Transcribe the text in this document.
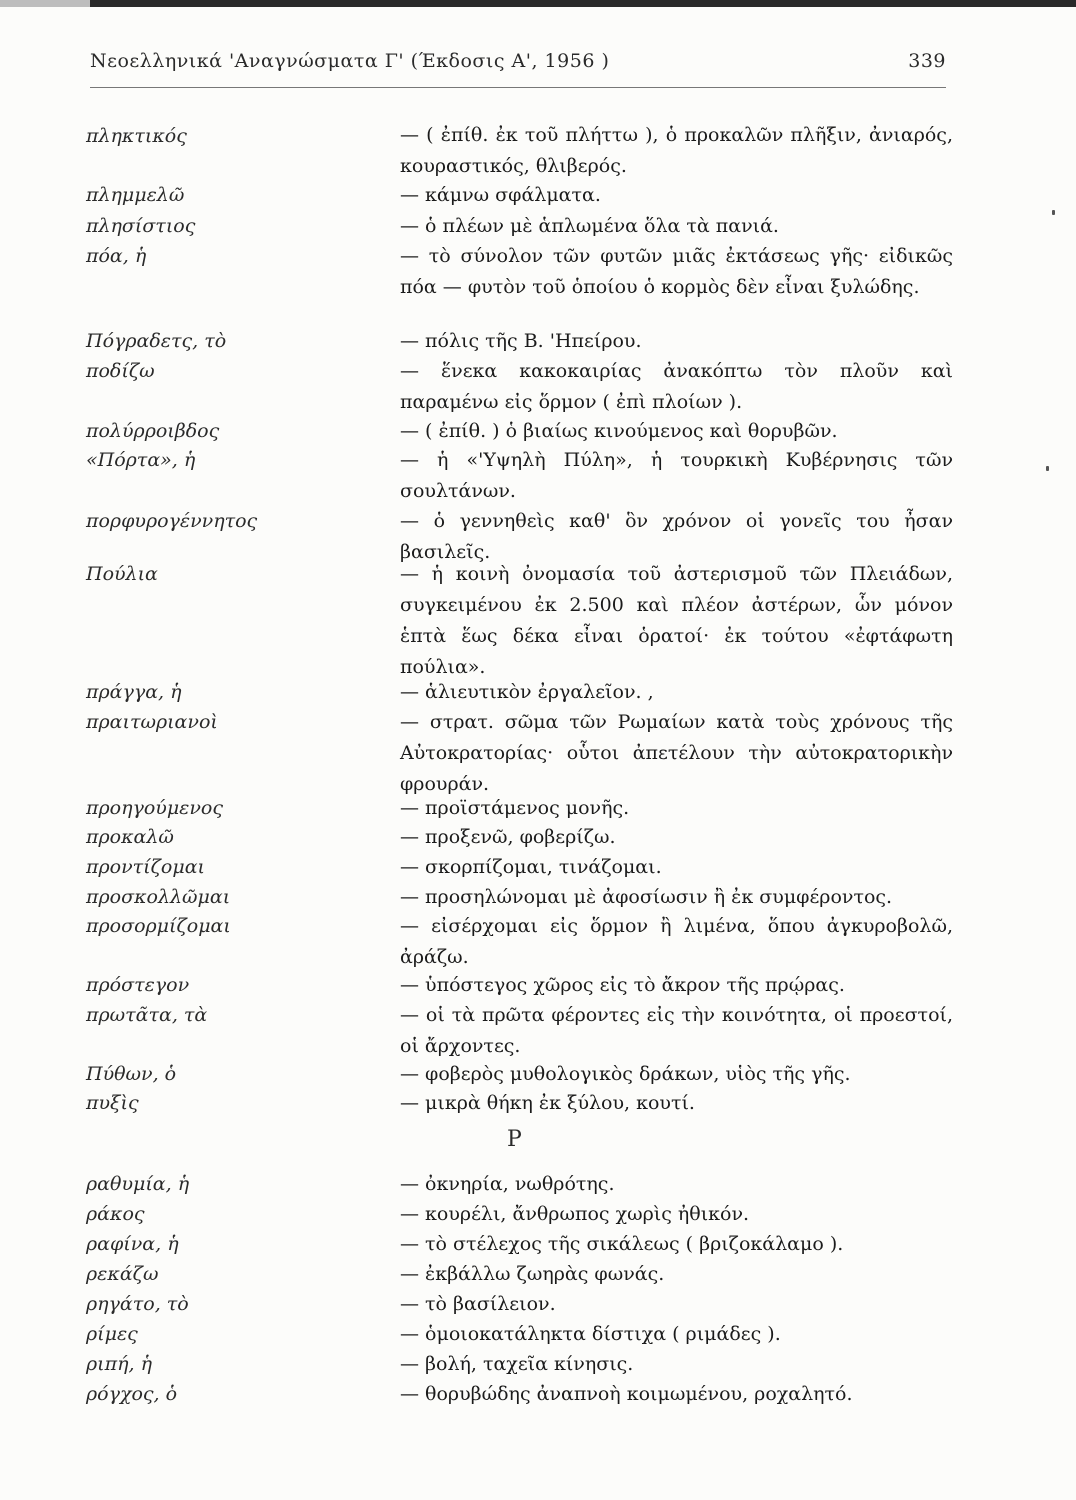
Νεοελληνικά 'Αναγνώσματα Γ' (Έκδοσις Α', 1956 )	339
πληκτικός	— ( ἐπίθ. ἐκ τοῦ πλήττω ), ὁ προκαλῶν πλῆξιν, ἀνιαρός, κουραστικός, θλιβερός.
πλημμελῶ	— κάμνω σφάλματα.
πλησίστιος	— ὁ πλέων μὲ ἁπλωμένα ὅλα τὰ πανιά.
πόα, ἡ	— τὸ σύνολον τῶν φυτῶν μιᾶς ἐκτάσεως γῆς· εἰδικῶς πόα — φυτὸν τοῦ ὁποίου ὁ κορμὸς δὲν εἶναι ξυλώδης.
Πόγραδετς, τὸ	— πόλις τῆς Β. 'Ηπείρου.
ποδίζω	— ἕνεκα κακοκαιρίας ἀνακόπτω τὸν πλοῦν καὶ παραμένω εἰς ὅρμον ( ἐπὶ πλοίων ).
πολύρροιβδος	— ( ἐπίθ. ) ὁ βιαίως κινούμενος καὶ θορυβῶν.
«Πόρτα», ἡ	— ἡ «'Υψηλὴ Πύλη», ἡ τουρκικὴ Κυβέρνησις τῶν σουλτάνων.
πορφυρογέννητος	— ὁ γεννηθεὶς καθ' ὃν χρόνον οἱ γονεῖς του ἦσαν βασιλεῖς.
Πούλια	— ἡ κοινὴ ὀνομασία τοῦ ἀστερισμοῦ τῶν Πλειάδων, συγκειμένου ἐκ 2.500 καὶ πλέον ἀστέρων, ὧν μόνον ἑπτὰ ἕως δέκα εἶναι ὁρατοί· ἐκ τούτου «ἐφτάφωτη πούλια».
πράγγα, ἡ	— ἁλιευτικὸν ἐργαλεῖον. ,
πραιτωριανοὶ	— στρατ. σῶμα τῶν Ρωμαίων κατὰ τοὺς χρόνους τῆς Αὐτοκρατορίας· οὗτοι ἀπετέλουν τὴν αὐτοκρατορικὴν φρουράν.
προηγούμενος	— προϊστάμενος μονῆς.
προκαλῶ	— προξενῶ, φοβερίζω.
προντίζομαι	— σκορπίζομαι, τινάζομαι.
προσκολλῶμαι	— προσηλώνομαι μὲ ἀφοσίωσιν ἢ ἐκ συμφέροντος.
προσορμίζομαι	— εἰσέρχομαι εἰς ὅρμον ἢ λιμένα, ὅπου ἀγκυροβολῶ, ἀράζω.
πρόστεγον	— ὑπόστεγος χῶρος εἰς τὸ ἄκρον τῆς πρῴρας.
πρωτᾶτα, τὰ	— οἱ τὰ πρῶτα φέροντες εἰς τὴν κοινότητα, οἱ προεστοί, οἱ ἄρχοντες.
Πύθων, ὁ	— φοβερὸς μυθολογικὸς δράκων, υἱὸς τῆς γῆς.
πυξὶς	— μικρὰ θήκη ἐκ ξύλου, κουτί.
Ρ
ραθυμία, ἡ	— ὀκνηρία, νωθρότης.
ράκος	— κουρέλι, ἄνθρωπος χωρὶς ἠθικόν.
ραφίνα, ἡ	— τὸ στέλεχος τῆς σικάλεως ( βριζοκάλαμο ).
ρεκάζω	— ἐκβάλλω ζωηρὰς φωνάς.
ρηγάτο, τὸ	— τὸ βασίλειον.
ρίμες	— ὁμοιοκατάληκτα δίστιχα ( ριμάδες ).
ριπή, ἡ	— βολή, ταχεῖα κίνησις.
ρόγχος, ὁ	— θορυβώδης ἀναπνοὴ κοιμωμένου, ροχαλητό.
